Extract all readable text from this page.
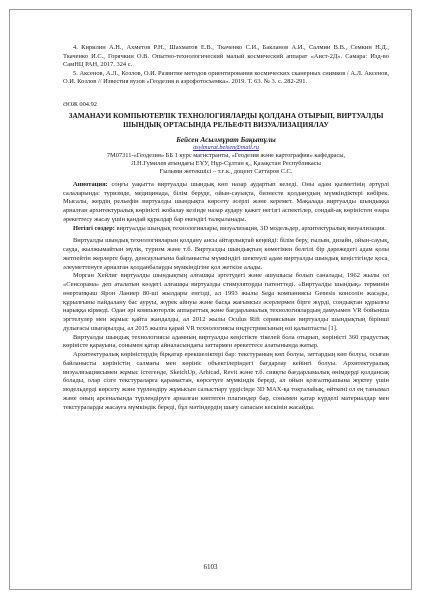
4. Кирилин А.Н., Ахметов Р.Н., Шахматов Е.В., Ткаченко С.И., Бакланов А.И., Салмин В.В., Семкин Н.Д., Ткаченко И.С., Горячкин О.В. Опытно-технологический малый космический аппарат «Аист-2Д». Самара: Изд-во СамНЦ РАН, 2017. 324 с.

5. Аксенов, А.Л., Козлов, О.И. Развитие методов ориентирования космических сканерных снимков / А.Л. Аксенов, О.И. Козлов // Известия вузов «Геодезия и аэрофотосъемка». 2019. Т. 63. № 3. с. 282-291.

ӘОЖ 004.92

ЗАМАНАУИ КОМПЬЮТЕРЛІК ТЕХНОЛОГИЯЛАРДЫ ҚОЛДАНА ОТЫРЫП, ВИРТУАЛДЫ ШЫНДЫҚ ОРТАСЫНДА РЕЛЬЕФТІ ВИЗУАЛИЗАЦИЯЛАУ

Бейсен Асылмұрат Бақытұлы

asylmurat.beisen@mail.ru

7М07311-«Геодезия» ББ 1 курс магистранты, «Геодезия және картография» кафедрасы,

Л.Н.Гумилев атындағы ЕҰУ, Нұр-Сұлтан қ., Қазақстан Республикасы

Ғылыми жетекшісі – т.ғ.к., доцент Саттаров С.С.

Аннотация: соңғы уақытта виртуалды шындық көп назар аудартып келеді. Оны адам қызметінің әртүрлі салаларында: туризмде, медицинада, білім беруде, ойын-сауықта, бизнесте қолданудың мүмкіндіктері көбірек. Мысалы, жердің рельефін виртуалды шындықта көрсету әсерлі және керемет. Мақалада виртуалды шындыққа арналған архитектуралық көріністі жобалау кезінде назар аудару қажет негізгі аспектілер, сондай-ақ көріністен өзара әрекеттесу жасау үшін қандай құралдар бар екендігі талқыланады.

Негізгі сөздер: виртуалды шындық технологиялары, визуализация, 3D модельдер, архитектуралық визуализация.

Виртуалды шындық технологияларын қолдану ансы айтарлықтай кеңейді: білім беру, ғылым, дизайн, ойын-сауық, сауда, жылжымайтын мүлік, туризм және т.б. Виртуалды шындықтың көмегімен белгілі бір дәрежедегі адам қолы жетпейтін жерлерге бару, денсаулығына байланысты мүмкіндігі шектеулі адам виртуалды шындық кеңістігінде қоса, әлеуметтенуге арналған қолданбаларды мүмкіндігіне қол жеткізе алады.

Морган Хейлиг виртуалды шындықтың алғашқы эргетудегі және ашушысы болып саналады, 1962 жылы ол «Сенсорама» деп аталатын көздегі алғашқы виртуалды стимуляторды патенттеді. «Виртуалды шындық» терминін өнертапқыш Ярон Ланиер 80-ші жылдары енгізді, ал 1993 жылы Sega компаниясы Genesis консолін жасады, құрылғыны пайдалану бас ауруы, жүрек айнуы және басқа жағымсыз әсерлермен бірге жүрді, сондықтан құрылғы нарыққа кірмеді. Одан әрі компьютерлік аппараттық және бағдарламалық технологиялардың дамуымен VR бойынша эргтелулер мен жұмыс қайта жандалды, ал 2012 жылы Oculus Rift сериясынан виртуалды шындықтың бірінші дулығасы шығарылды, ал 2015 жылға қарай VR технологиясы индустриясының өзі қалыптасты [1].

Виртуалды шындық технологиясы адамның виртуалды кеңістікте тікелей бола отырып, көріністі 360 градустық көріністе қарауына, сонымен қатар айналасындағы заттармен әрекеттесе алатынында жатыр.

Архитектуралық көріністердің бірқатар ерекшеліктері бар: текстураның көп болуы, заттардың көп болуы, осыған байланысты көріністің салмағы мен көрініс объектілеріндегі бағдарлау кейінгі болуы. Архитектуралық визуализациясымен жұмыс істегенде, SketchUp, Arhicad, Revit және т.б. сияқты бағдарламалық өнімдерді қолдансақ болады, олар сізге текстураларға қарамастан, көрсетуге мүмкіндік береді, ал ойын қозғалтқышына жүктеу үшін модельдерді көрсету және түрлендіру жұмысын салыстыру үрдісінде 3D MAX-қа тоқталайық, өйткені ол ең танымал және оның арсеналында түрлендіруге арналған көптеген плагиндер бар, сонымен қатар күрделі материалдар мен текстураларды жасауға мүмкіндік береді, бұл мәтіндердің шығу сапасын кескінін жасайды.

6103
